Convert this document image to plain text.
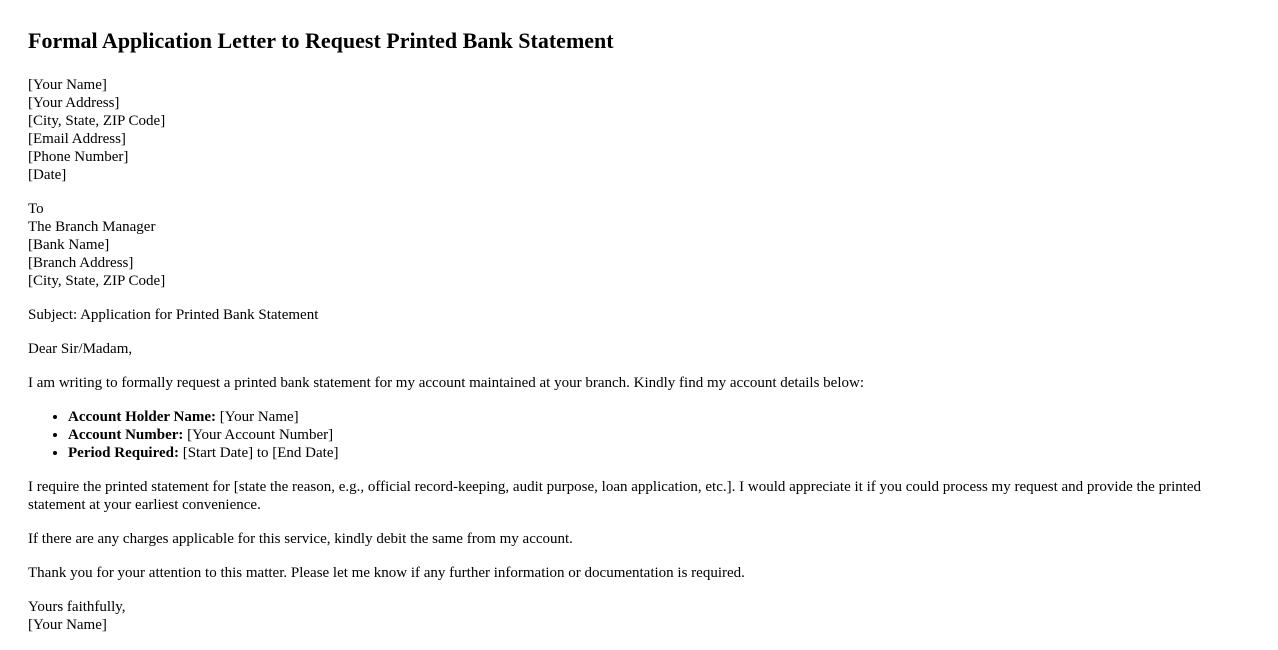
Formal Application Letter to Request Printed Bank Statement
[Your Name]
[Your Address]
[City, State, ZIP Code]
[Email Address]
[Phone Number]
[Date]
To
The Branch Manager
[Bank Name]
[Branch Address]
[City, State, ZIP Code]

Subject: Application for Printed Bank Statement

Dear Sir/Madam,

I am writing to formally request a printed bank statement for my account maintained at your branch. Kindly find my account details below:

• Account Holder Name: [Your Name]
• Account Number: [Your Account Number]
• Period Required: [Start Date] to [End Date]

I require the printed statement for [state the reason, e.g., official record-keeping, audit purpose, loan application, etc.]. I would appreciate it if you could process my request and provide the printed statement at your earliest convenience.

If there are any charges applicable for this service, kindly debit the same from my account.

Thank you for your attention to this matter. Please let me know if any further information or documentation is required.

Yours faithfully,
[Your Name]
